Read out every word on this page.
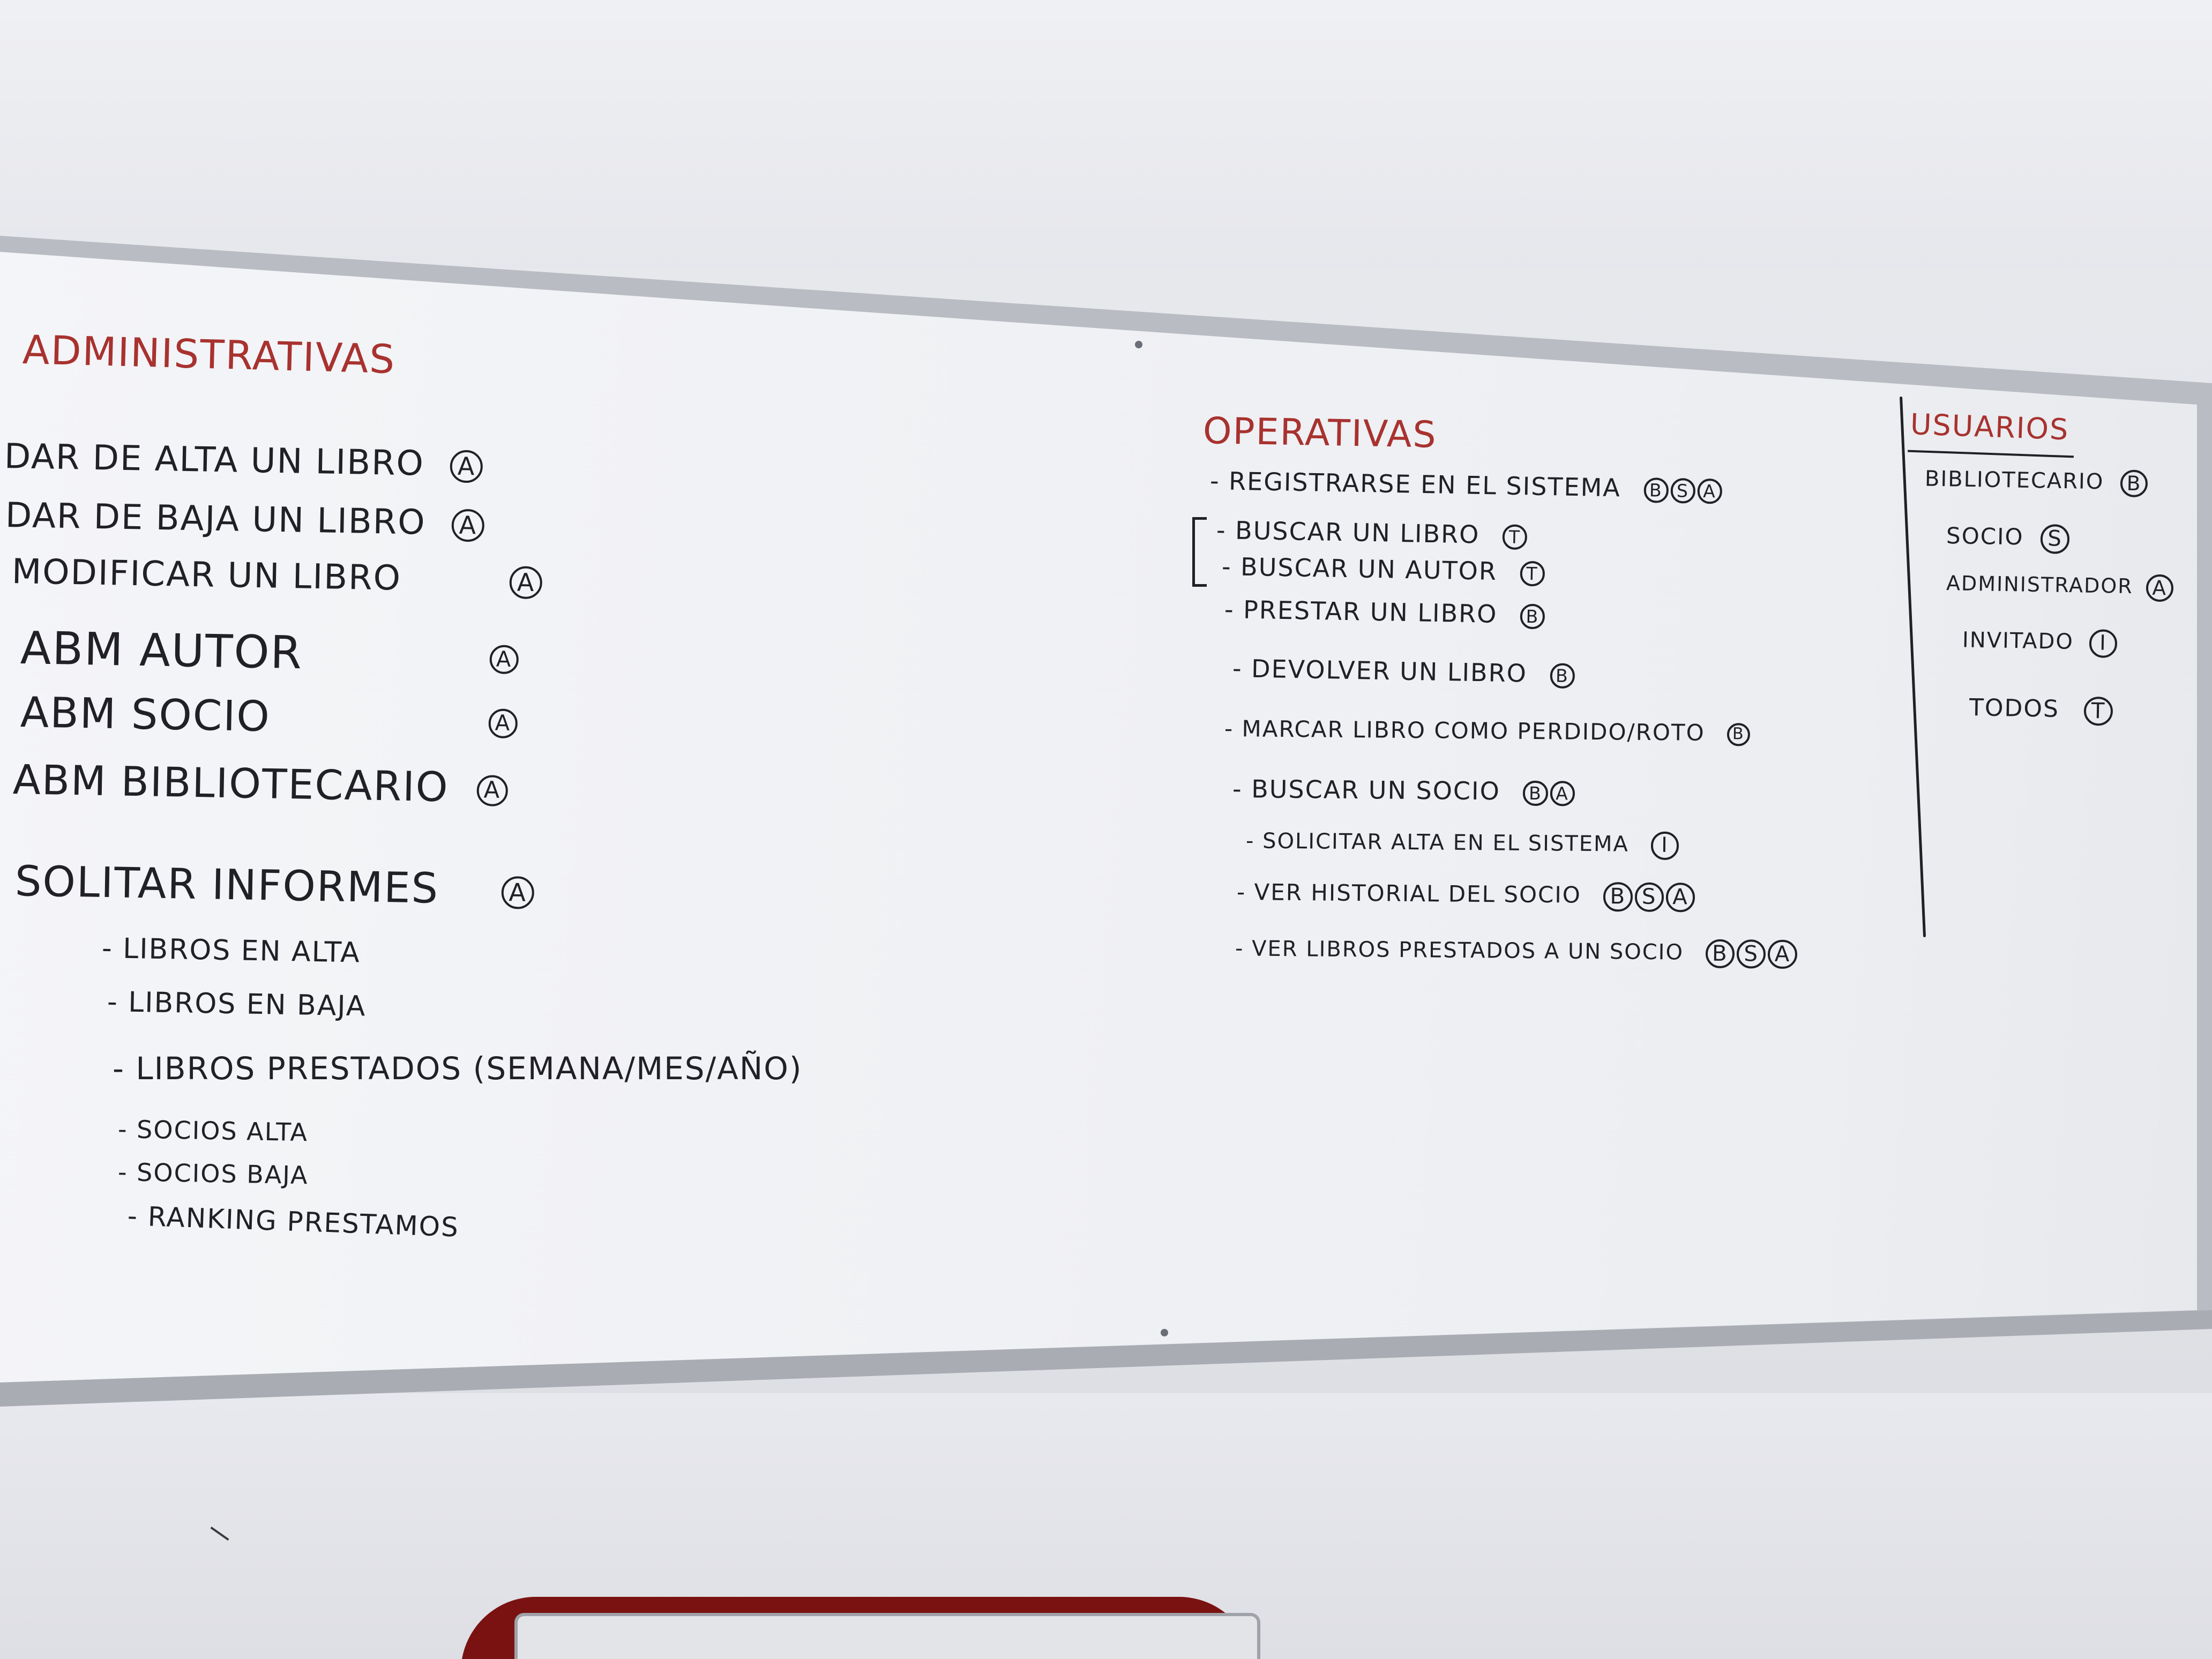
ADMINISTRATIVAS
DAR DE ALTA UN LIBRO A
DAR DE BAJA UN LIBRO A
MODIFICAR UN LIBRO	A
ABM AUTOR	A
ABM SOCIO	A
ABM BIBLIOTECARIO	A
SOLITAR INFORMES	A
- LIBROS EN ALTA
- LIBROS EN BAJA
- LIBROS PRESTADOS (SEMANA/MES/AÑO)
- SOCIOS ALTA
- SOCIOS BAJA
- RANKING PRESTAMOS
OPERATIVAS
- REGISTRARSE EN EL SISTEMA	B S A
- BUSCAR UN LIBRO	T
- BUSCAR UN AUTOR	T
- PRESTAR UN LIBRO	B
- DEVOLVER UN LIBRO	B
- MARCAR LIBRO COMO PERDIDO/ROTO	B
- BUSCAR UN SOCIO	B A
- SOLICITAR ALTA EN EL SISTEMA	I
- VER HISTORIAL DEL SOCIO	B S A
- VER LIBROS PRESTADOS A UN SOCIO	B S A
USUARIOS
BIBLIOTECARIO	B
SOCIO	S
ADMINISTRADOR A
INVITADO	I
TODOS	T
